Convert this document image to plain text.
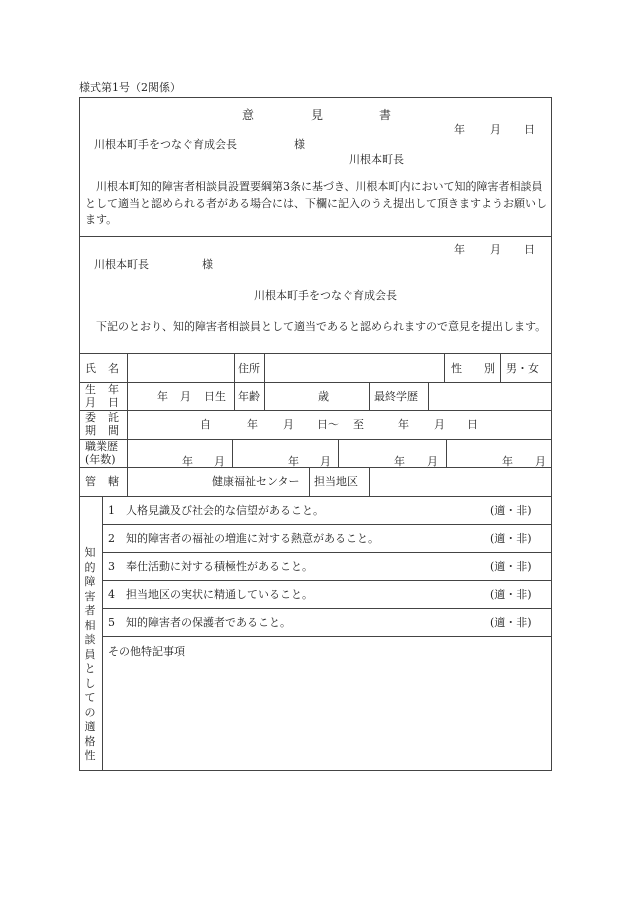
様式第1号（2関係）
意	見	書
年 月 日
川根本町手をつなぐ育成会長	様
川根本町長
川根本町知的障害者相談員設置要綱第3条に基づき、川根本町内において知的障害者相談員として適当と認められる者がある場合には、下欄に記入のうえ提出して頂きますようお願いします。
年 月 日
川根本町長	様
川根本町手をつなぐ育成会長
下記のとおり、知的障害者相談員として適当であると認められますので意見を提出します。
氏 名	住所	性 別 男・女
生 年
月 日	年 月 日生 年齢	歳	最終学歴
委 託
期 間	自	年 月 日～ 至	年 月 日
職業歴
(年数)	年 月	年 月	年 月	年 月
管 轄	健康福祉センター 担当地区
知的障害者相談員としての適格性
1 人格見識及び社会的な信望があること。	(適・非)
2 知的障害者の福祉の増進に対する熱意があること。	(適・非)
3 奉仕活動に対する積極性があること。	(適・非)
4 担当地区の実状に精通していること。	(適・非)
5 知的障害者の保護者であること。	(適・非)
その他特記事項
